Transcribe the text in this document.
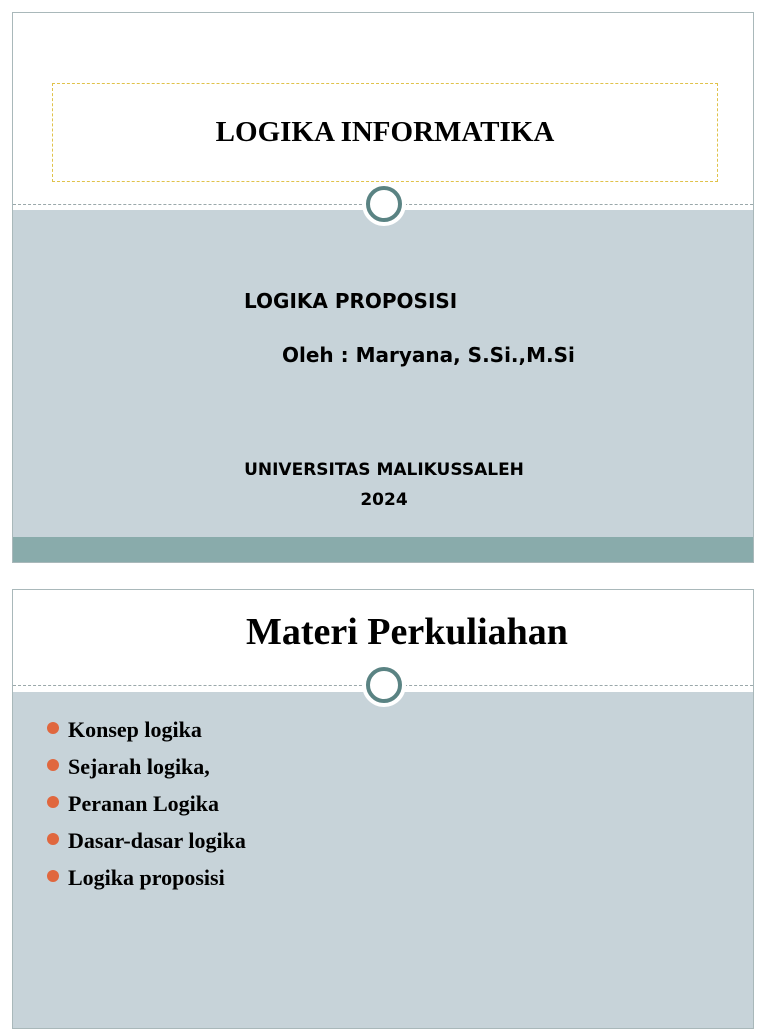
LOGIKA INFORMATIKA
LOGIKA PROPOSISI
Oleh : Maryana, S.Si.,M.Si
UNIVERSITAS MALIKUSSALEH
2024
Materi Perkuliahan
Konsep logika
Sejarah logika,
Peranan Logika
Dasar-dasar logika
Logika proposisi
